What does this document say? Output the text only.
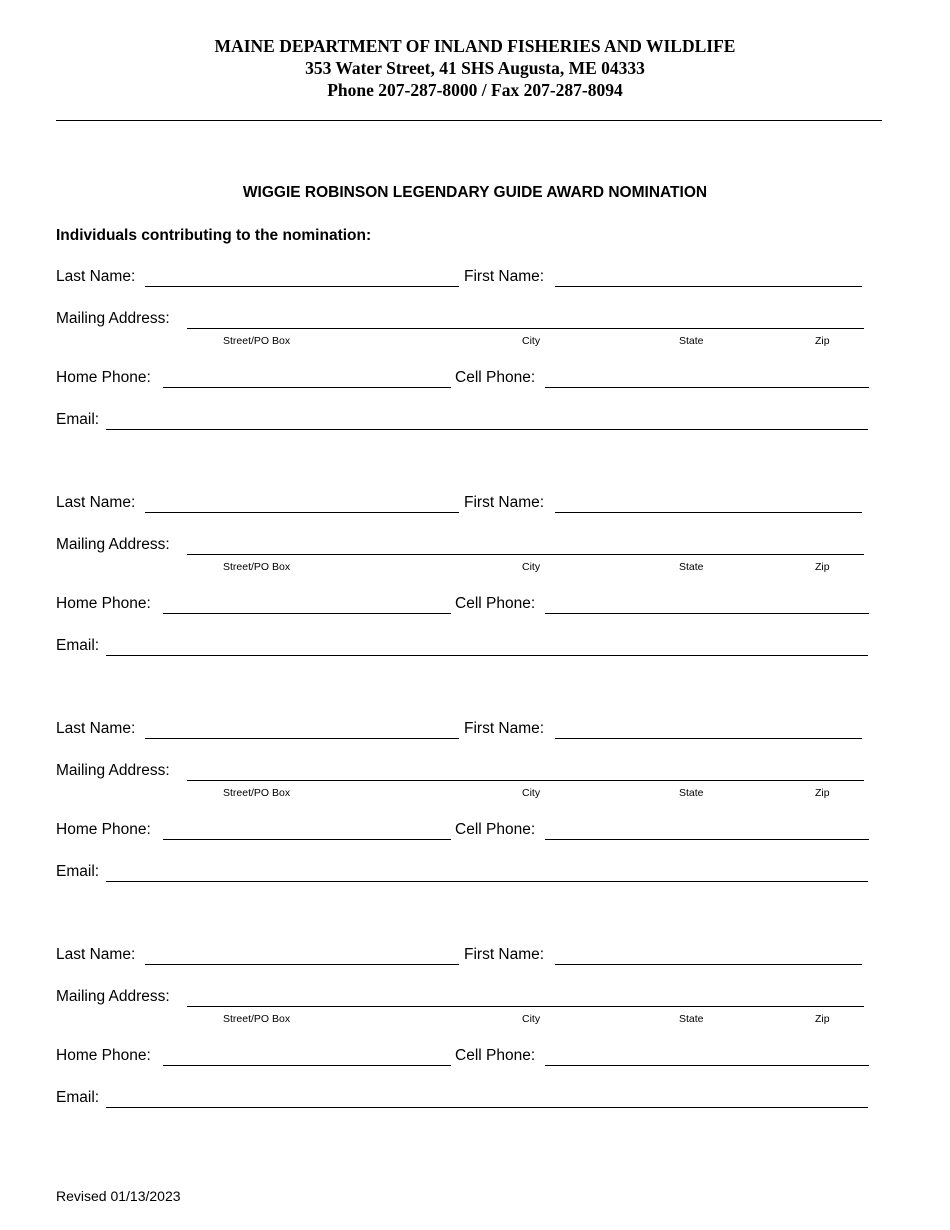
MAINE DEPARTMENT OF INLAND FISHERIES AND WILDLIFE
353 Water Street, 41 SHS Augusta, ME 04333
Phone 207-287-8000 / Fax 207-287-8094
WIGGIE ROBINSON LEGENDARY GUIDE AWARD NOMINATION
Individuals contributing to the nomination:
Last Name:	First Name:
Mailing Address:
Street/PO Box	City	State	Zip
Home Phone:	Cell Phone:
Email:
Last Name:	First Name:
Mailing Address:
Street/PO Box	City	State	Zip
Home Phone:	Cell Phone:
Email:
Last Name:	First Name:
Mailing Address:
Street/PO Box	City	State	Zip
Home Phone:	Cell Phone:
Email:
Last Name:	First Name:
Mailing Address:
Street/PO Box	City	State	Zip
Home Phone:	Cell Phone:
Email:
Revised 01/13/2023
